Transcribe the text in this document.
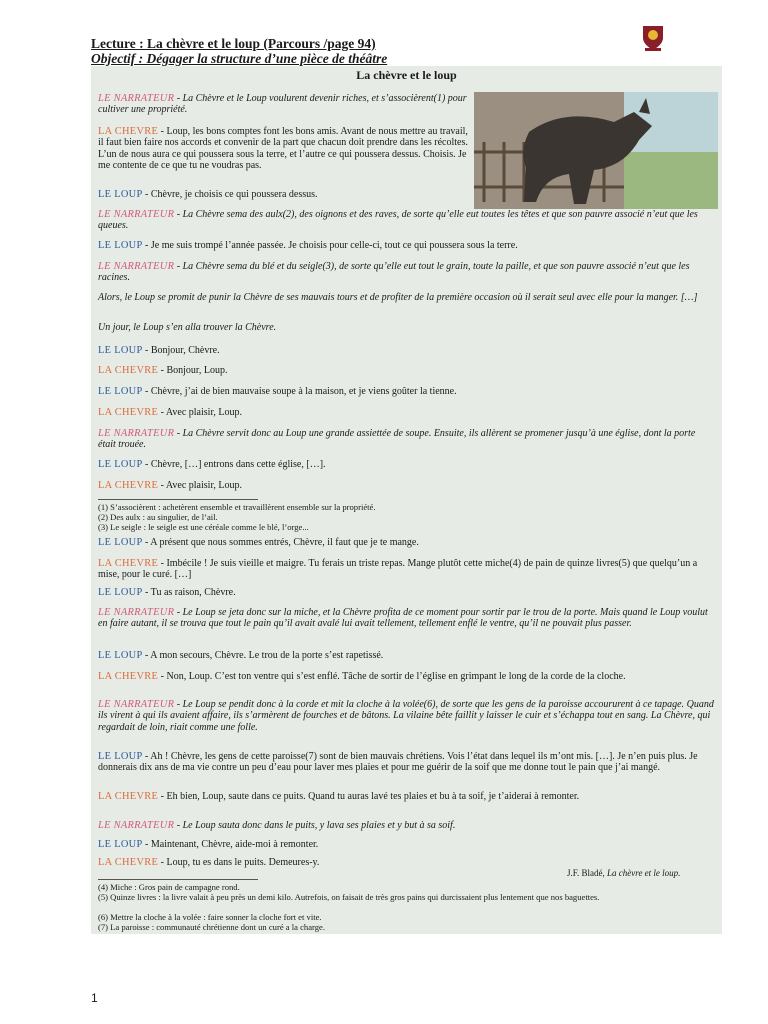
Lecture : La chèvre et le loup (Parcours /page 94)
Objectif : Dégager la structure d’une pièce de théâtre
La chèvre et le loup
LE NARRATEUR - La Chèvre et le Loup voulurent devenir riches, et s’associèrent(1) pour cultiver une propriété.
LA CHEVRE - Loup, les bons comptes font les bons amis. Avant de nous mettre au travail, il faut bien faire nos accords et convenir de la part que chacun doit prendre dans les récoltes. L’un de nous aura ce qui poussera sous la terre, et l’autre ce qui poussera dessus. Choisis. Je me contente de ce que tu ne voudras pas.
LE LOUP - Chèvre, je choisis ce qui poussera dessus.
LE NARRATEUR - La Chèvre sema des aulx(2), des oignons et des raves, de sorte qu’elle eut toutes les têtes et que son pauvre associé n’eut que les queues.
LE LOUP - Je me suis trompé l’année passée. Je choisis pour celle-ci, tout ce qui poussera sous la terre.
LE NARRATEUR - La Chèvre sema du blé et du seigle(3), de sorte qu’elle eut tout le grain, toute la paille, et que son pauvre associé n’eut que les racines.
Alors, le Loup se promit de punir la Chèvre de ses mauvais tours et de profiter de la première occasion où il serait seul avec elle pour la manger. […]
Un jour, le Loup s’en alla trouver la Chèvre.
LE LOUP - Bonjour, Chèvre.
LA CHEVRE - Bonjour, Loup.
LE LOUP - Chèvre, j’ai de bien mauvaise soupe à la maison, et je viens goûter la tienne.
LA CHEVRE - Avec plaisir, Loup.
LE NARRATEUR - La Chèvre servit donc au Loup une grande assiettée de soupe. Ensuite, ils allèrent se promener jusqu’à une église, dont la porte était trouée.
LE LOUP - Chèvre, […] entrons dans cette église, […].
LA CHEVRE - Avec plaisir, Loup.
(1) S’associèrent : achetèrent ensemble et travaillèrent ensemble sur la propriété.
(2) Des aulx : au singulier, de l’ail.
(3) Le seigle : le seigle est une céréale comme le blé, l’orge...
LE LOUP - A présent que nous sommes entrés, Chèvre, il faut que je te mange.
LA CHEVRE - Imbécile ! Je suis vieille et maigre. Tu ferais un triste repas. Mange plutôt cette miche(4) de pain de quinze livres(5) que quelqu’un a mise, pour le curé. […]
LE LOUP - Tu as raison, Chèvre.
LE NARRATEUR - Le Loup se jeta donc sur la miche, et la Chèvre profita de ce moment pour sortir par le trou de la porte. Mais quand le Loup voulut en faire autant, il se trouva que tout le pain qu’il avait avalé lui avait tellement, tellement enflé le ventre, qu’il ne pouvait plus passer.
LE LOUP - A mon secours, Chèvre. Le trou de la porte s’est rapetissé.
LA CHEVRE - Non, Loup. C’est ton ventre qui s’est enflé. Tâche de sortir de l’église en grimpant le long de la corde de la cloche.
LE NARRATEUR - Le Loup se pendit donc à la corde et mit la cloche à la volée(6), de sorte que les gens de la paroisse accoururent à ce tapage. Quand ils virent à qui ils avaient affaire, ils s’armèrent de fourches et de bâtons. La vilaine bête faillit y laisser le cuir et s’échappa tout en sang. La Chèvre, qui regardait de loin, riait comme une folle.
LE LOUP - Ah ! Chèvre, les gens de cette paroisse(7) sont de bien mauvais chrétiens. Vois l’état dans lequel ils m’ont mis. […]. Je n’en puis plus. Je donnerais dix ans de ma vie contre un peu d’eau pour laver mes plaies et pour me guérir de la soif que me donne tout le pain que j’ai mangé.
LA CHEVRE - Eh bien, Loup, saute dans ce puits. Quand tu auras lavé tes plaies et bu à ta soif, je t’aiderai à remonter.
LE NARRATEUR - Le Loup sauta donc dans le puits, y lava ses plaies et y but à sa soif.
LE LOUP - Maintenant, Chèvre, aide-moi à remonter.
LA CHEVRE - Loup, tu es dans le puits. Demeures-y.
J.F. Bladé, La chèvre et le loup.
(4) Miche : Gros pain de campagne rond.
(5) Quinze livres : la livre valait à peu près un demi kilo. Autrefois, on faisait de très gros pains qui durcissaient plus lentement que nos baguettes.
(6) Mettre la cloche à la volée : faire sonner la cloche fort et vite.
(7) La paroisse : communauté chrétienne dont un curé a la charge.
1
